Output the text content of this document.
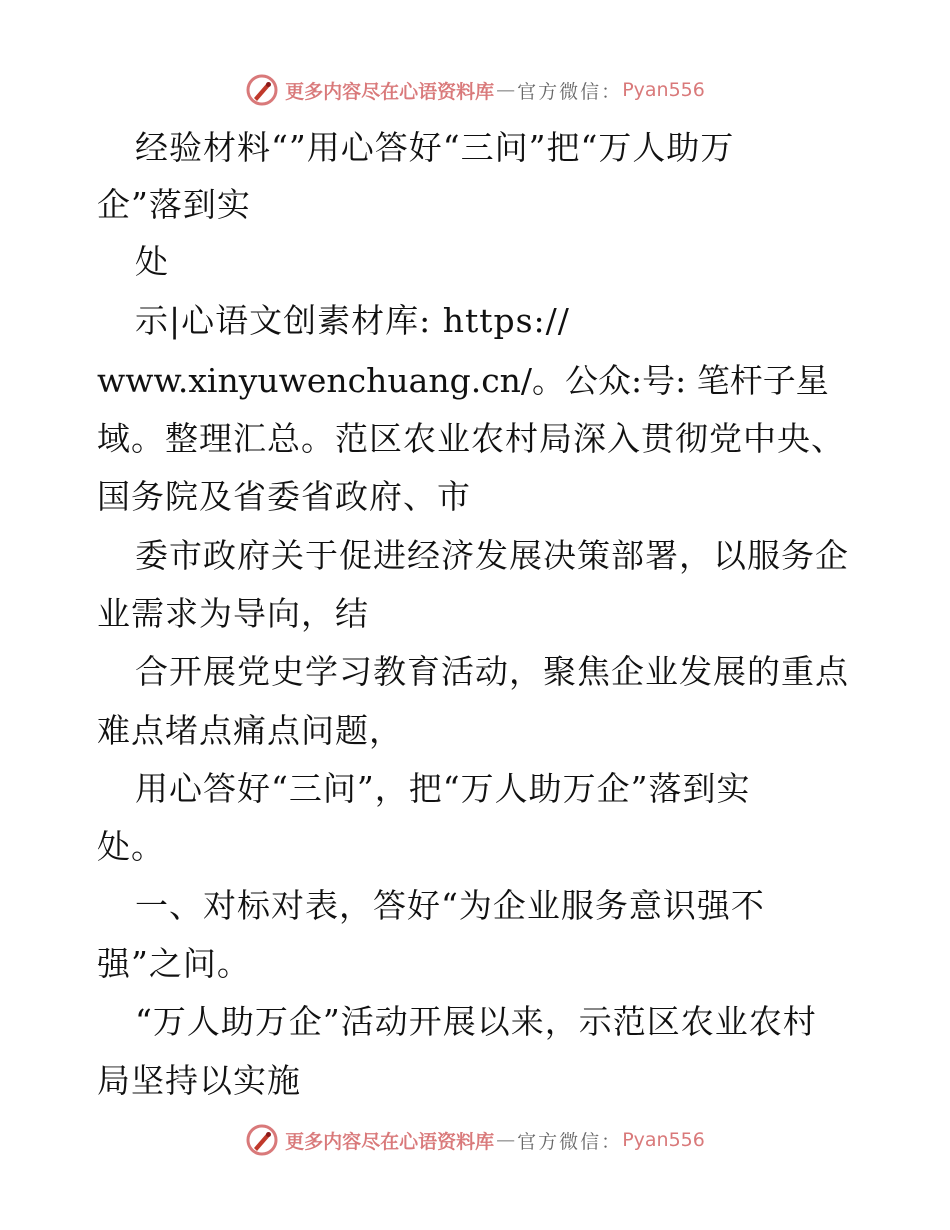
更多内容尽在心语资料库 — 官方微信： Pyan556
经验材料“”用心答好“三问”把“万人助万
企”落到实
处
示|心语文创素材库: https://
www.xinyuwenchuang.cn/。公众:号: 笔杆子星
域。整理汇总。范区农业农村局深入贯彻党中央、
国务院及省委省政府、市
委市政府关于促进经济发展决策部署，以服务企
业需求为导向，结
合开展党史学习教育活动，聚焦企业发展的重点
难点堵点痛点问题，
用心答好“三问”，把“万人助万企”落到实
处。
一、对标对表，答好“为企业服务意识强不
强”之问。
“万人助万企”活动开展以来，示范区农业农村
局坚持以实施
更多内容尽在心语资料库 — 官方微信： Pyan556
